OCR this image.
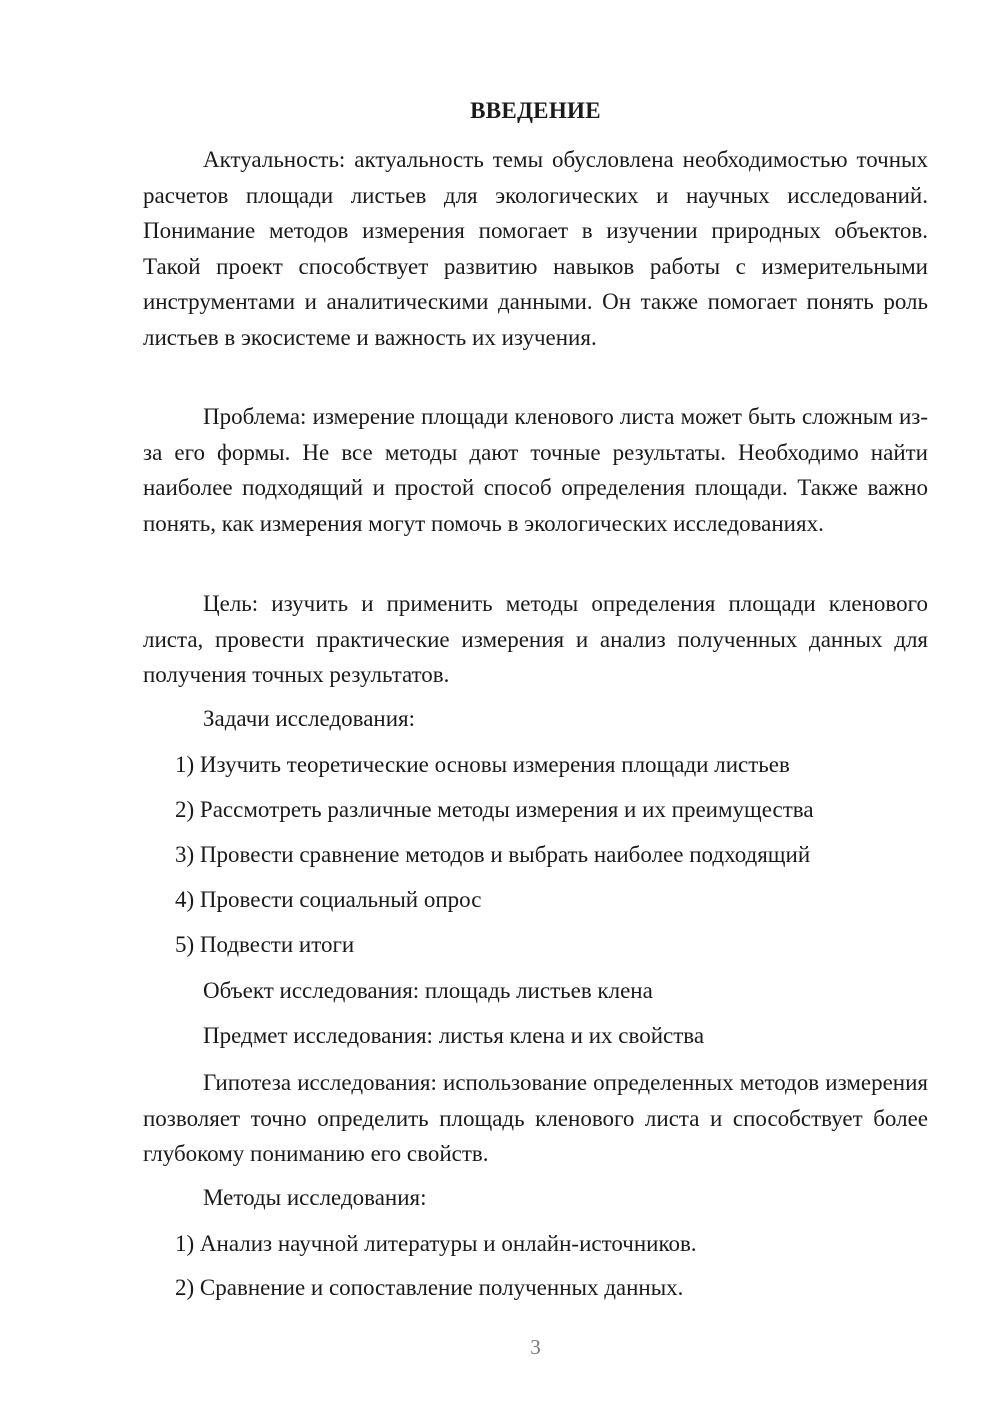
ВВЕДЕНИЕ

Актуальность: актуальность темы обусловлена необходимостью точных расчетов площади листьев для экологических и научных исследований. Понимание методов измерения помогает в изучении природных объектов. Такой проект способствует развитию навыков работы с измерительными инструментами и аналитическими данными. Он также помогает понять роль листьев в экосистеме и важность их изучения.

Проблема: измерение площади кленового листа может быть сложным из-за его формы. Не все методы дают точные результаты. Необходимо найти наиболее подходящий и простой способ определения площади. Также важно понять, как измерения могут помочь в экологических исследованиях.

Цель: изучить и применить методы определения площади кленового листа, провести практические измерения и анализ полученных данных для получения точных результатов.

Задачи исследования:
1) Изучить теоретические основы измерения площади листьев
2) Рассмотреть различные методы измерения и их преимущества
3) Провести сравнение методов и выбрать наиболее подходящий
4) Провести социальный опрос
5) Подвести итоги
Объект исследования: площадь листьев клена
Предмет исследования: листья клена и их свойства

Гипотеза исследования: использование определенных методов измерения позволяет точно определить площадь кленового листа и способствует более глубокому пониманию его свойств.

Методы исследования:
1) Анализ научной литературы и онлайн-источников.
2) Сравнение и сопоставление полученных данных.
3
